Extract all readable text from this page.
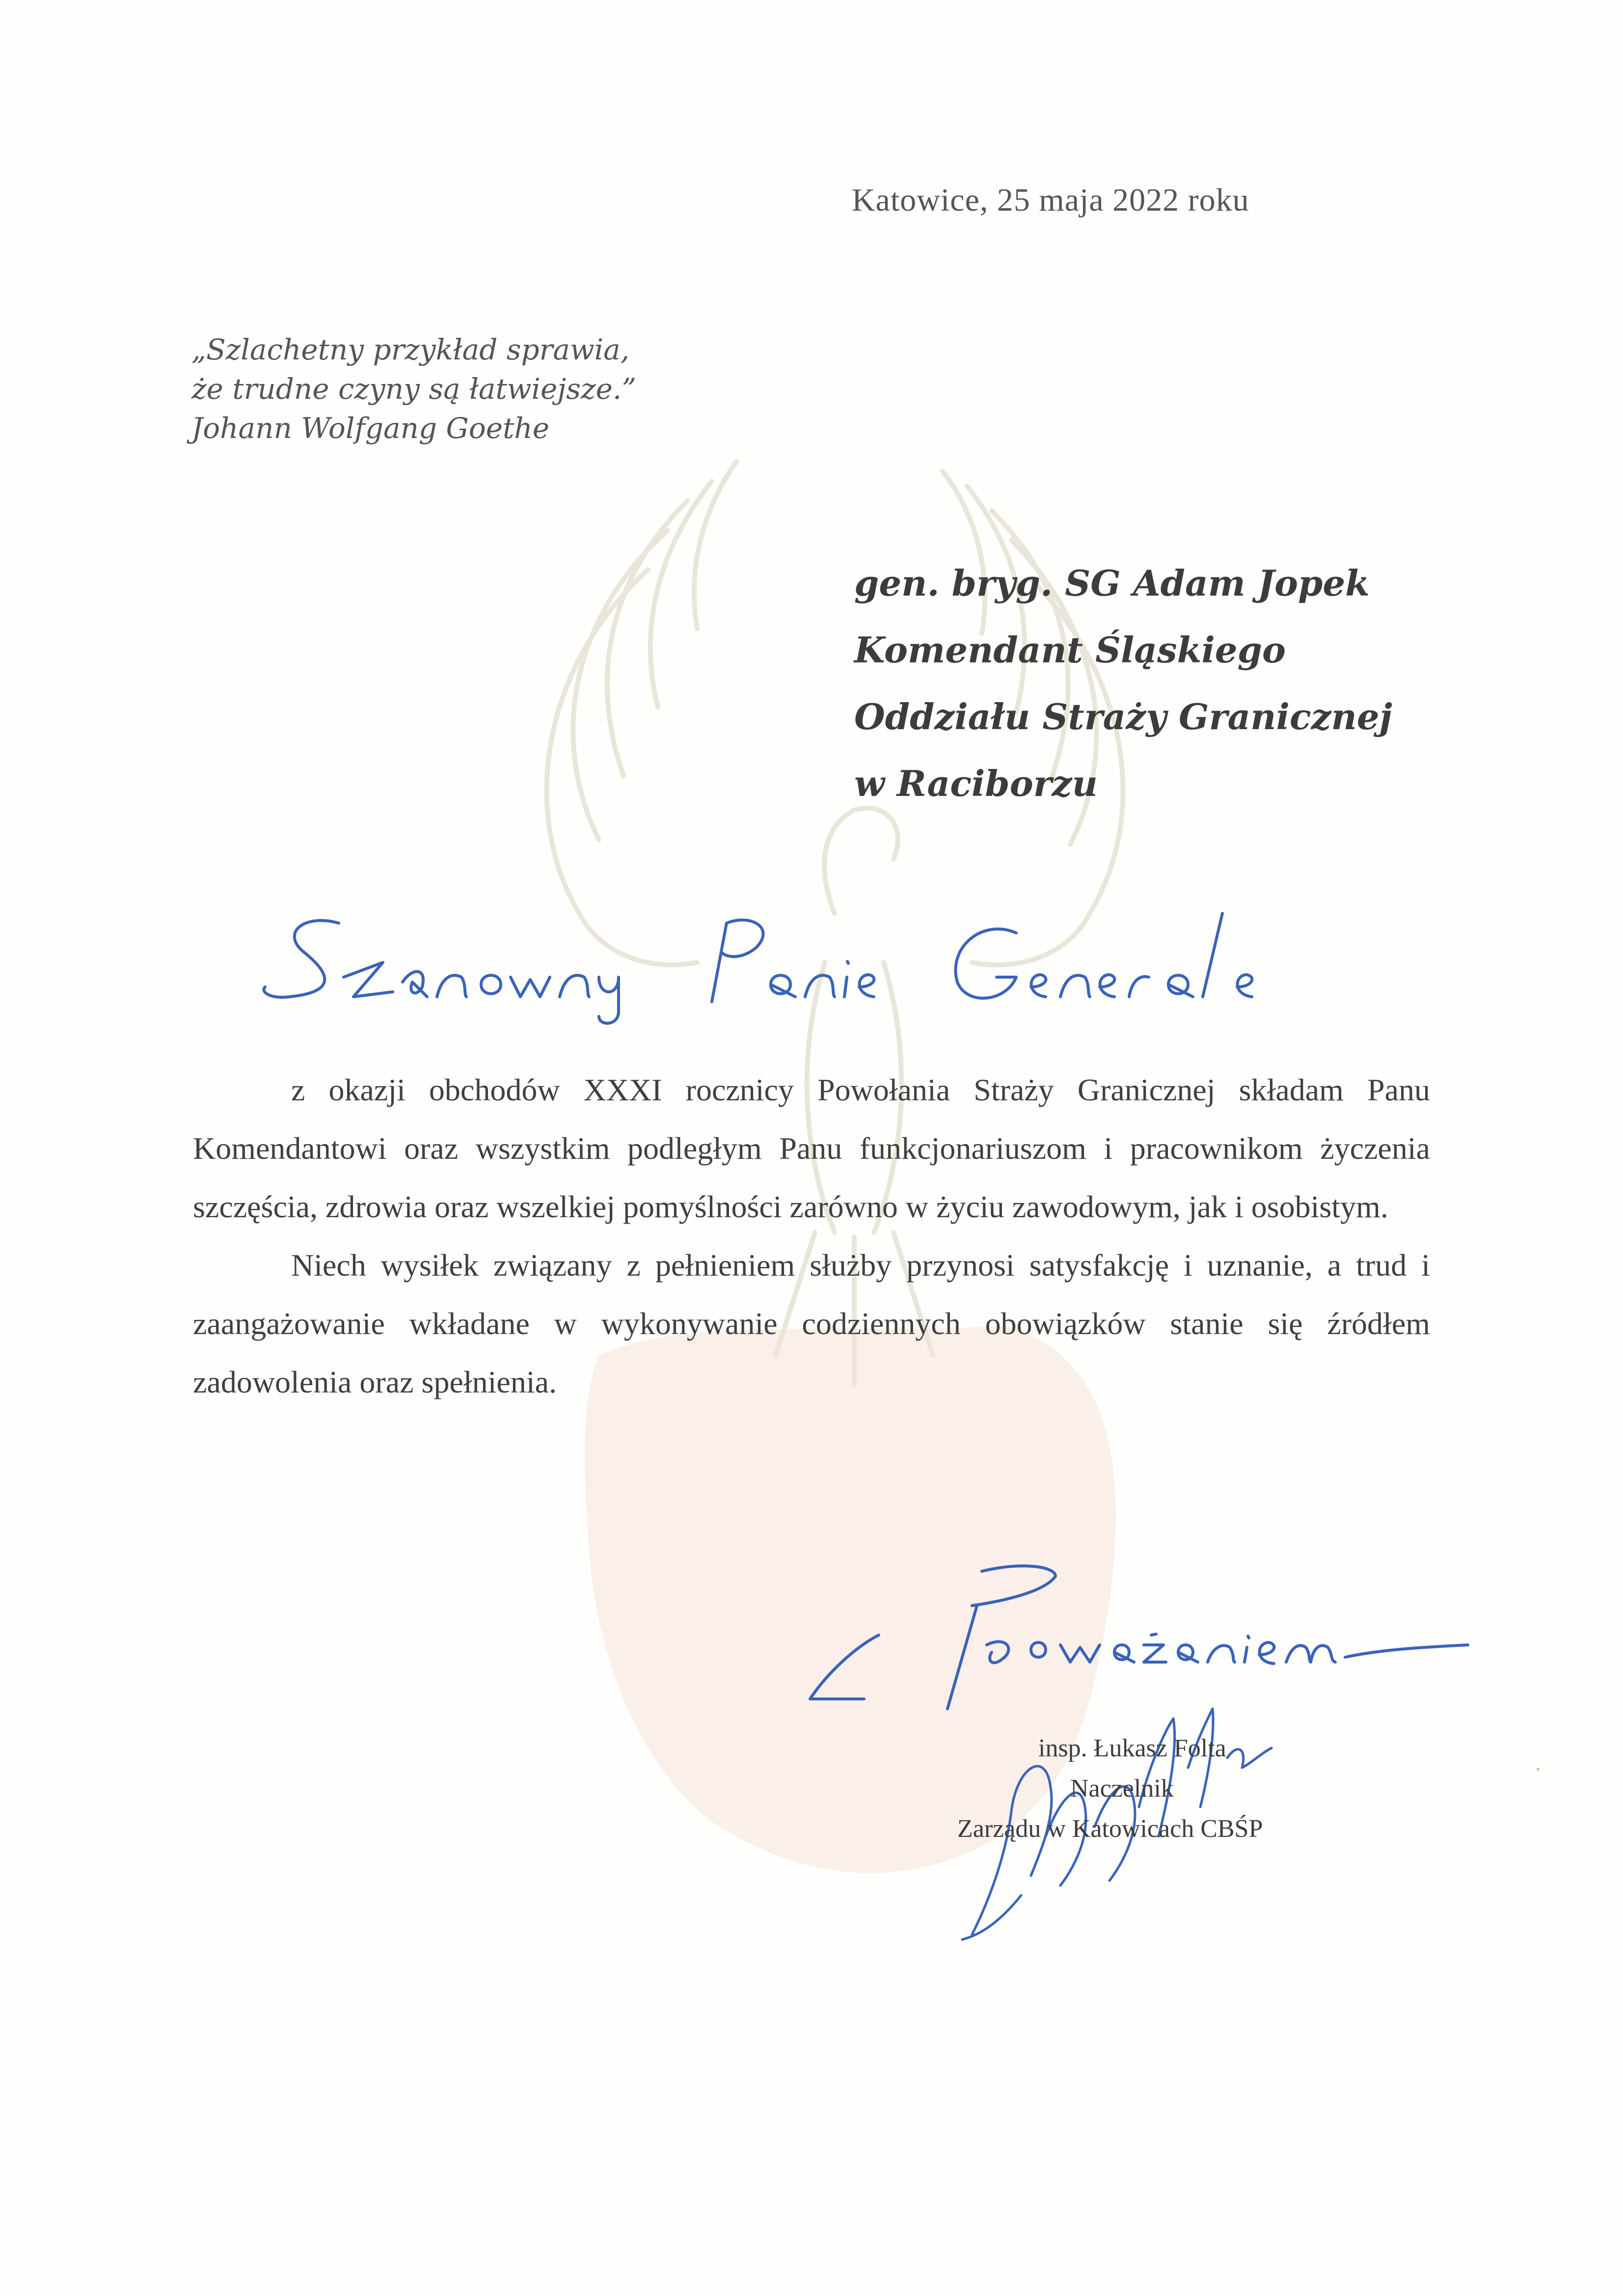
Katowice, 25 maja 2022 roku
„Szlachetny przykład sprawia,
że trudne czyny są łatwiejsze.”
Johann Wolfgang Goethe
gen. bryg. SG Adam Jopek
Komendant Śląskiego
Oddziału Straży Granicznej
w Raciborzu

z okazji obchodów XXXI rocznicy Powołania Straży Granicznej składam Panu Komendantowi oraz wszystkim podległym Panu funkcjonariuszom i pracownikom życzenia szczęścia, zdrowia oraz wszelkiej pomyślności zarówno w życiu zawodowym, jak i osobistym.

Niech wysiłek związany z pełnieniem służby przynosi satysfakcję i uznanie, a trud i zaangażowanie wkładane w wykonywanie codziennych obowiązków stanie się źródłem zadowolenia oraz spełnienia.

insp. Łukasz Folta
Naczelnik
Zarządu w Katowicach CBŚP
